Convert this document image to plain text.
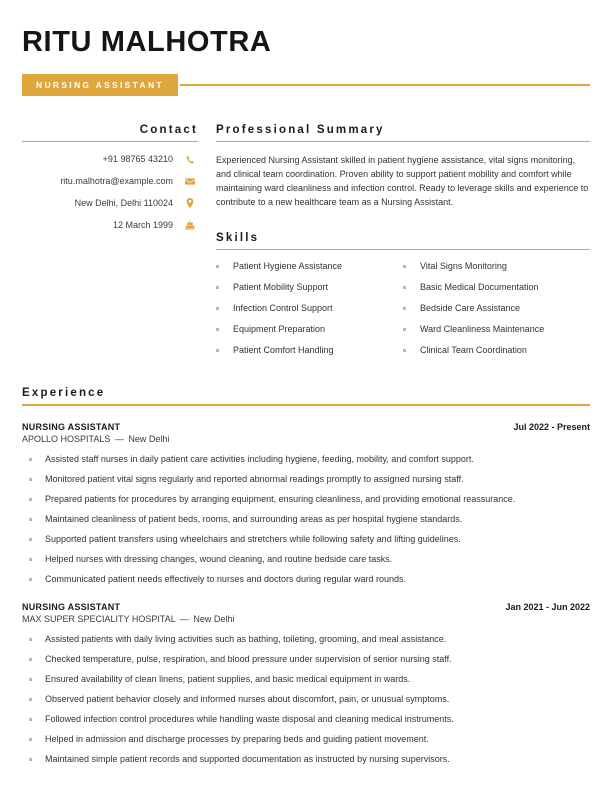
RITU MALHOTRA
NURSING ASSISTANT
Contact
+91 98765 43210
ritu.malhotra@example.com
New Delhi, Delhi 110024
12 March 1999
Professional Summary

Experienced Nursing Assistant skilled in patient hygiene assistance, vital signs monitoring, and clinical team coordination. Proven ability to support patient mobility and comfort while maintaining ward cleanliness and infection control. Ready to leverage skills and experience to contribute to a new healthcare team as a Nursing Assistant.

Skills
Patient Hygiene Assistance
Patient Mobility Support
Infection Control Support
Equipment Preparation
Patient Comfort Handling
Vital Signs Monitoring
Basic Medical Documentation
Bedside Care Assistance
Ward Cleanliness Maintenance
Clinical Team Coordination
Experience
NURSING ASSISTANT	Jul 2022 - Present
APOLLO HOSPITALS — New Delhi
Assisted staff nurses in daily patient care activities including hygiene, feeding, mobility, and comfort support.
Monitored patient vital signs regularly and reported abnormal readings promptly to assigned nursing staff.
Prepared patients for procedures by arranging equipment, ensuring cleanliness, and providing emotional reassurance.
Maintained cleanliness of patient beds, rooms, and surrounding areas as per hospital hygiene standards.
Supported patient transfers using wheelchairs and stretchers while following safety and lifting guidelines.
Helped nurses with dressing changes, wound cleaning, and routine bedside care tasks.
Communicated patient needs effectively to nurses and doctors during regular ward rounds.
NURSING ASSISTANT	Jan 2021 - Jun 2022
MAX SUPER SPECIALITY HOSPITAL — New Delhi
Assisted patients with daily living activities such as bathing, toileting, grooming, and meal assistance.
Checked temperature, pulse, respiration, and blood pressure under supervision of senior nursing staff.
Ensured availability of clean linens, patient supplies, and basic medical equipment in wards.
Observed patient behavior closely and informed nurses about discomfort, pain, or unusual symptoms.
Followed infection control procedures while handling waste disposal and cleaning medical instruments.
Helped in admission and discharge processes by preparing beds and guiding patient movement.
Maintained simple patient records and supported documentation as instructed by nursing supervisors.
